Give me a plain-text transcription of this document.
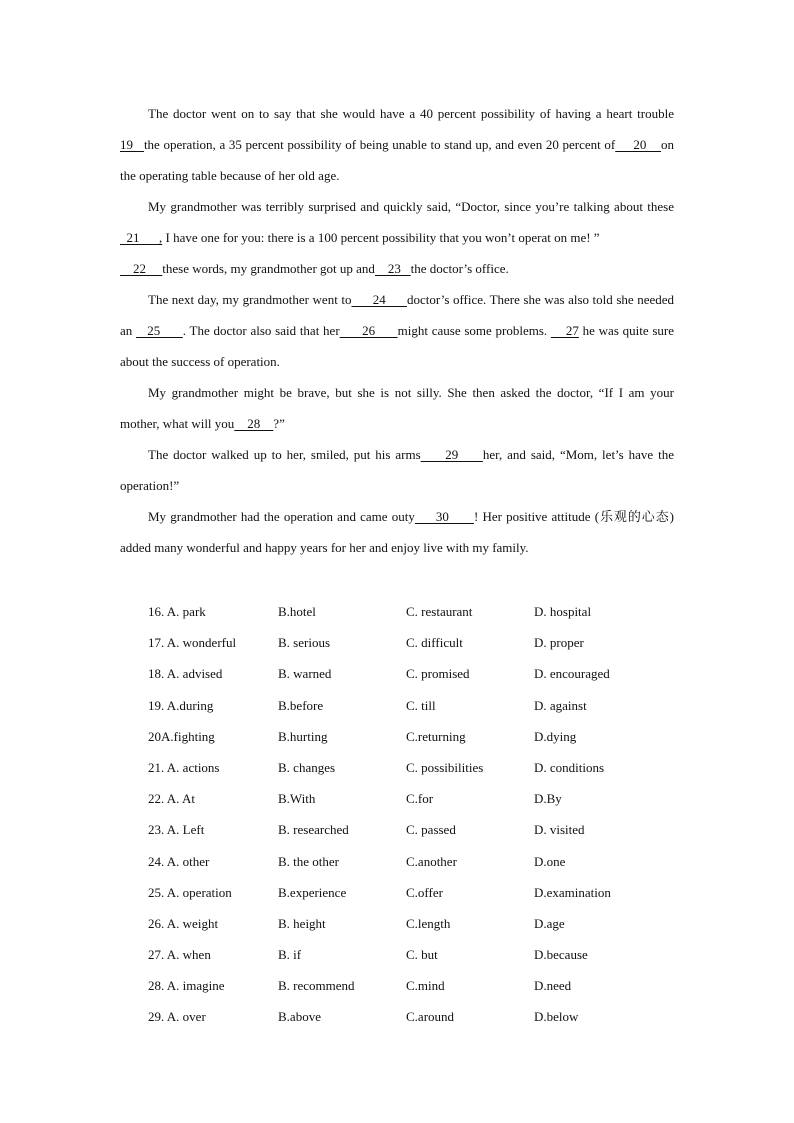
The doctor went on to say that she would have a 40 percent possibility of having a heart trouble 19   the operation, a 35 percent possibility of being unable to stand up, and even 20 percent of     20    on the operating table because of her old age.

My grandmother was terribly surprised and quickly said, “Doctor, since you’re talking about these   21      , I have one for you: there is a 100 percent possibility that you won’t operat on me! ”

22     these words, my grandmother got up and    23   the doctor’s office.

The next day, my grandmother went to      24      doctor’s office. There she was also told she needed an    25      . The doctor also said that her      26      might cause some problems.     27 he was quite sure about the success of operation.

My grandmother might be brave, but she is not silly. She then asked the doctor, “If I am your mother, what will you    28    ?”

The doctor walked up to her, smiled, put his arms     29     her, and said, “Mom, let’s have the operation!”

My grandmother had the operation and came outy     30      ! Her positive attitude (乐观的心态) added many wonderful and happy years for her and enjoy live with my family.

16. A. park	B.hotel	C. restaurant	D. hospital
17. A. wonderful	B. serious	C. difficult	D. proper
18. A. advised	B. warned	C. promised	D. encouraged
19. A.during	B.before	C. till	D. against
20A.fighting	B.hurting	C.returning	D.dying
21. A. actions	B. changes	C. possibilities	D. conditions
22. A. At	B.With	C.for	D.By
23. A. Left	B. researched	C. passed	D. visited
24. A. other	B. the other	C.another	D.one
25. A. operation	B.experience	C.offer	D.examination
26. A. weight	B. height	C.length	D.age
27. A. when	B. if	C. but	D.because
28. A. imagine	B. recommend	C.mind	D.need
29. A. over	B.above	C.around	D.below
